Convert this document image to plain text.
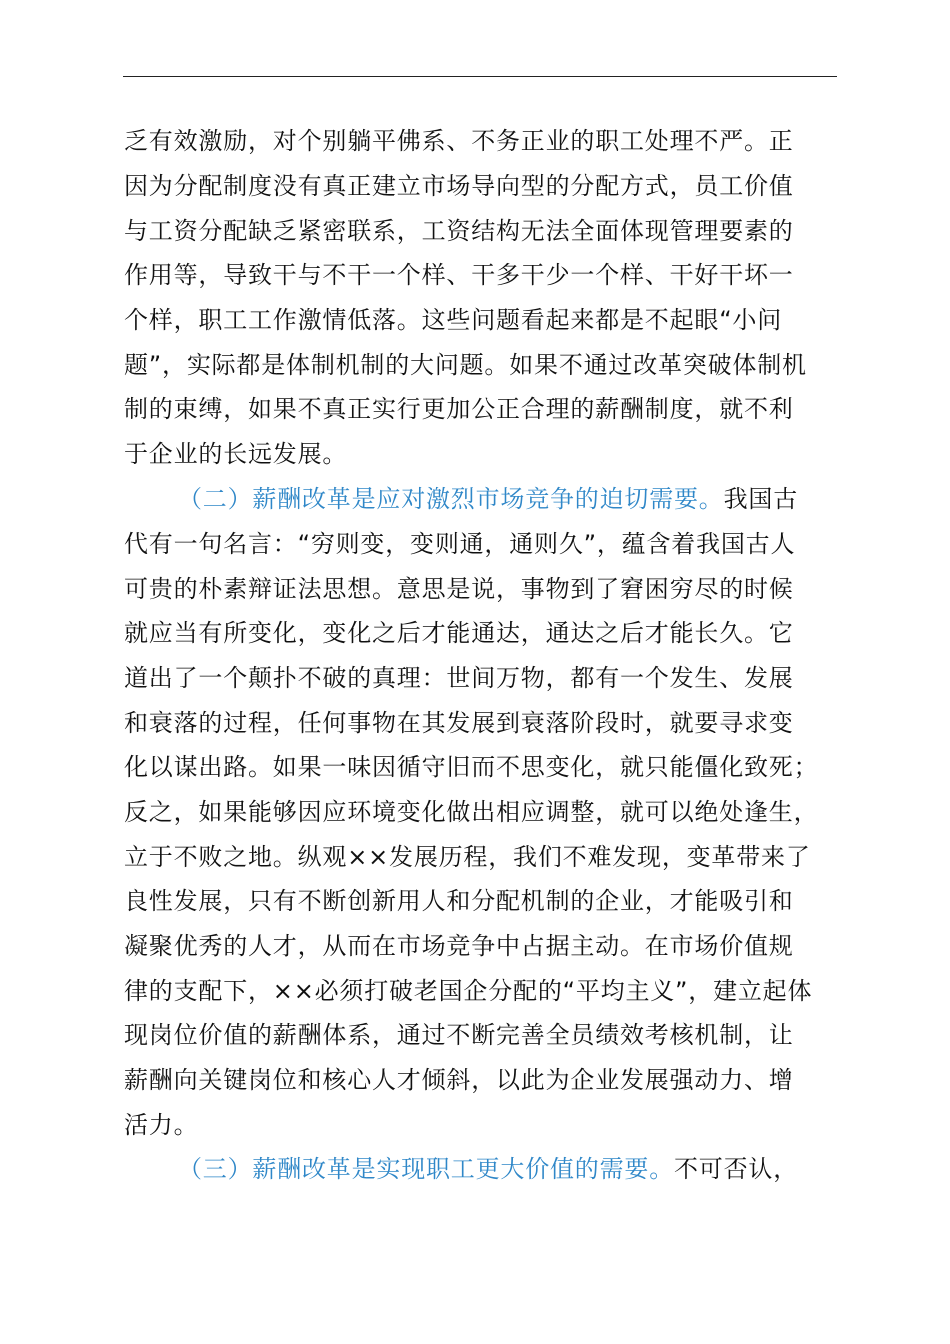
乏有效激励，对个别躺平佛系、不务正业的职工处理不严。正
因为分配制度没有真正建立市场导向型的分配方式，员工价值
与工资分配缺乏紧密联系，工资结构无法全面体现管理要素的
作用等，导致干与不干一个样、干多干少一个样、干好干坏一
个样，职工工作激情低落。这些问题看起来都是不起眼“小问
题”，实际都是体制机制的大问题。如果不通过改革突破体制机
制的束缚，如果不真正实行更加公正合理的薪酬制度，就不利
于企业的长远发展。
（二）薪酬改革是应对激烈市场竞争的迫切需要。我国古
代有一句名言：“穷则变，变则通，通则久”，蕴含着我国古人
可贵的朴素辩证法思想。意思是说，事物到了窘困穷尽的时候
就应当有所变化，变化之后才能通达，通达之后才能长久。它
道出了一个颠扑不破的真理：世间万物，都有一个发生、发展
和衰落的过程，任何事物在其发展到衰落阶段时，就要寻求变
化以谋出路。如果一味因循守旧而不思变化，就只能僵化致死；
反之，如果能够因应环境变化做出相应调整，就可以绝处逢生，
立于不败之地。纵观××发展历程，我们不难发现，变革带来了
良性发展，只有不断创新用人和分配机制的企业，才能吸引和
凝聚优秀的人才，从而在市场竞争中占据主动。在市场价值规
律的支配下，××必须打破老国企分配的“平均主义”，建立起体
现岗位价值的薪酬体系，通过不断完善全员绩效考核机制，让
薪酬向关键岗位和核心人才倾斜，以此为企业发展强动力、增
活力。
（三）薪酬改革是实现职工更大价值的需要。不可否认，
